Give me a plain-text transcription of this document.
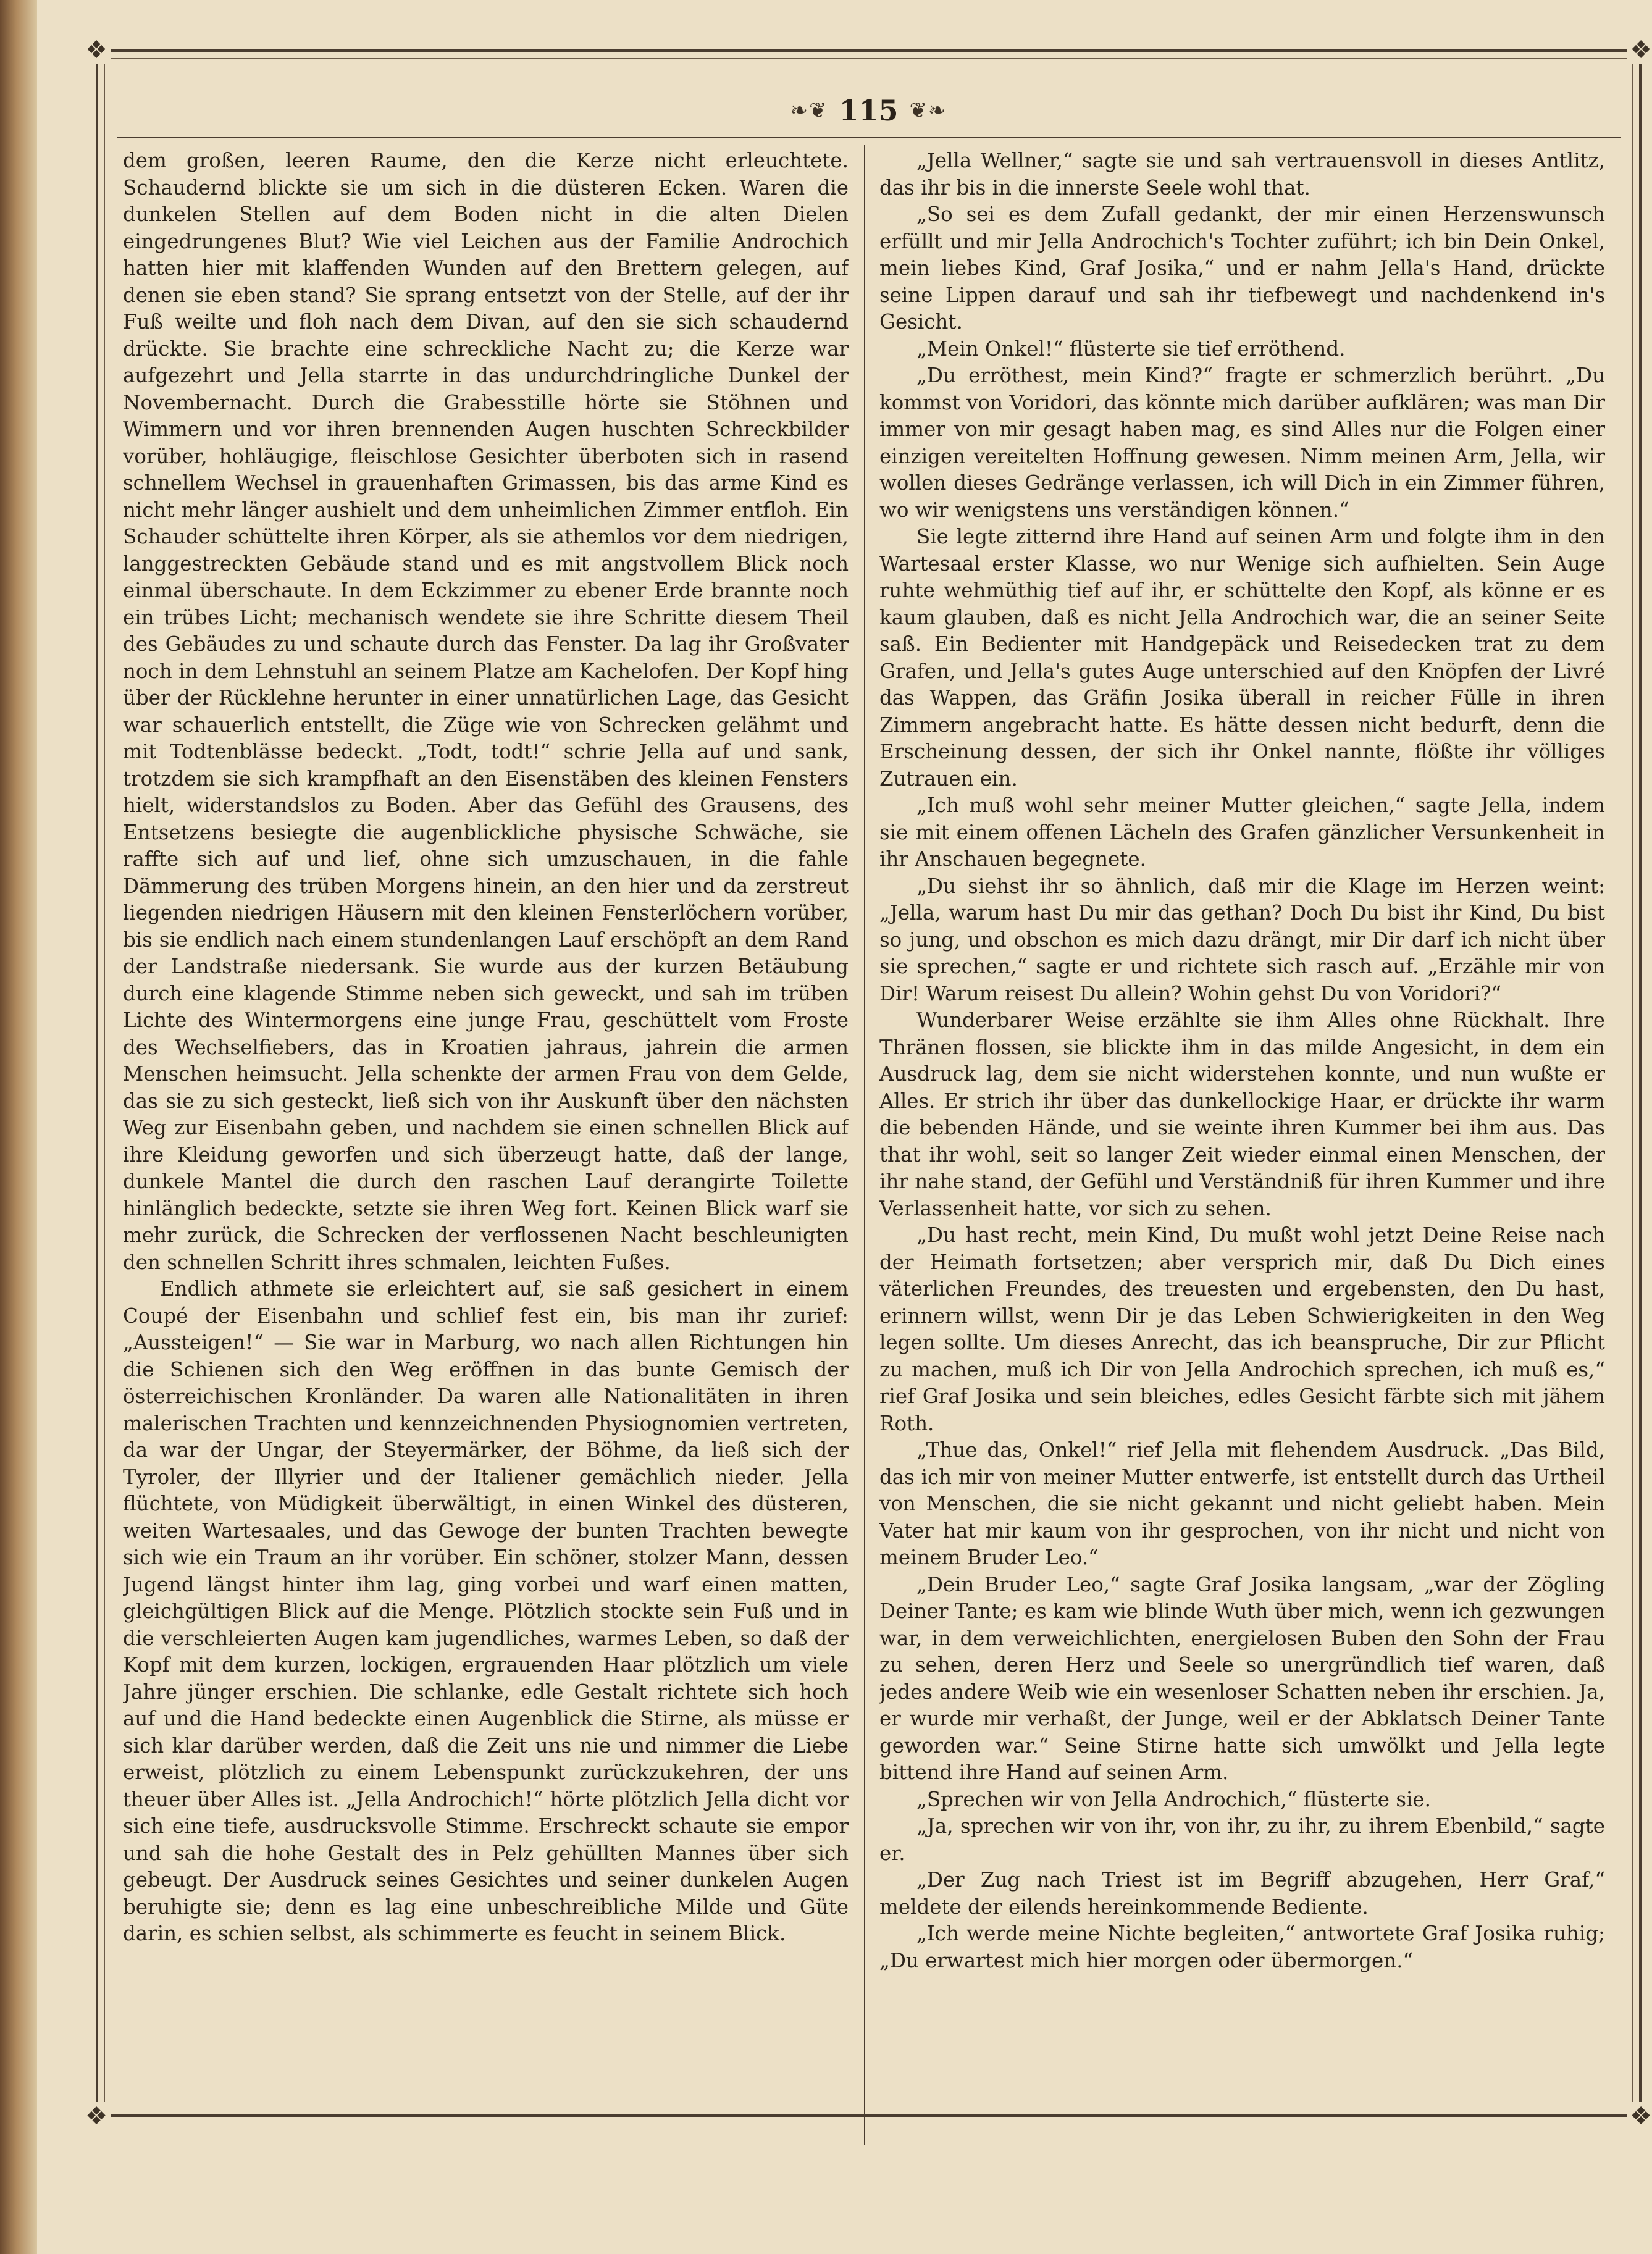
❖	❖
❖	❖
❧❦ 115 ❦❧

dem großen, leeren Raume, den die Kerze nicht erleuchtete. Schaudernd blickte sie um sich in die düsteren Ecken. Waren die dunkelen Stellen auf dem Boden nicht in die alten Dielen eingedrungenes Blut? Wie viel Leichen aus der Familie Androchich hatten hier mit klaffenden Wunden auf den Brettern gelegen, auf denen sie eben stand? Sie sprang entsetzt von der Stelle, auf der ihr Fuß weilte und floh nach dem Divan, auf den sie sich schaudernd drückte. Sie brachte eine schreckliche Nacht zu; die Kerze war aufgezehrt und Jella starrte in das undurchdringliche Dunkel der Novembernacht. Durch die Grabesstille hörte sie Stöhnen und Wimmern und vor ihren brennenden Augen huschten Schreckbilder vorüber, hohläugige, fleischlose Gesichter überboten sich in rasend schnellem Wechsel in grauenhaften Grimassen, bis das arme Kind es nicht mehr länger aushielt und dem unheimlichen Zimmer entfloh. Ein Schauder schüttelte ihren Körper, als sie athemlos vor dem niedrigen, langgestreckten Gebäude stand und es mit angstvollem Blick noch einmal überschaute. In dem Eckzimmer zu ebener Erde brannte noch ein trübes Licht; mechanisch wendete sie ihre Schritte diesem Theil des Gebäudes zu und schaute durch das Fenster. Da lag ihr Großvater noch in dem Lehnstuhl an seinem Platze am Kachelofen. Der Kopf hing über der Rücklehne herunter in einer unnatürlichen Lage, das Gesicht war schauerlich entstellt, die Züge wie von Schrecken gelähmt und mit Todtenblässe bedeckt. „Todt, todt!“ schrie Jella auf und sank, trotzdem sie sich krampfhaft an den Eisenstäben des kleinen Fensters hielt, widerstandslos zu Boden. Aber das Gefühl des Grausens, des Entsetzens besiegte die augenblickliche physische Schwäche, sie raffte sich auf und lief, ohne sich umzuschauen, in die fahle Dämmerung des trüben Morgens hinein, an den hier und da zerstreut liegenden niedrigen Häusern mit den kleinen Fensterlöchern vorüber, bis sie endlich nach einem stundenlangen Lauf erschöpft an dem Rand der Landstraße niedersank. Sie wurde aus der kurzen Betäubung durch eine klagende Stimme neben sich geweckt, und sah im trüben Lichte des Wintermorgens eine junge Frau, geschüttelt vom Froste des Wechselfiebers, das in Kroatien jahraus, jahrein die armen Menschen heimsucht. Jella schenkte der armen Frau von dem Gelde, das sie zu sich gesteckt, ließ sich von ihr Auskunft über den nächsten Weg zur Eisenbahn geben, und nachdem sie einen schnellen Blick auf ihre Kleidung geworfen und sich überzeugt hatte, daß der lange, dunkele Mantel die durch den raschen Lauf derangirte Toilette hinlänglich bedeckte, setzte sie ihren Weg fort. Keinen Blick warf sie mehr zurück, die Schrecken der verflossenen Nacht beschleunigten den schnellen Schritt ihres schmalen, leichten Fußes.

Endlich athmete sie erleichtert auf, sie saß gesichert in einem Coupé der Eisenbahn und schlief fest ein, bis man ihr zurief: „Aussteigen!“ — Sie war in Marburg, wo nach allen Richtungen hin die Schienen sich den Weg eröffnen in das bunte Gemisch der österreichischen Kronländer. Da waren alle Nationalitäten in ihren malerischen Trachten und kennzeichnenden Physiognomien vertreten, da war der Ungar, der Steyermärker, der Böhme, da ließ sich der Tyroler, der Illyrier und der Italiener gemächlich nieder. Jella flüchtete, von Müdigkeit überwältigt, in einen Winkel des düsteren, weiten Wartesaales, und das Gewoge der bunten Trachten bewegte sich wie ein Traum an ihr vorüber. Ein schöner, stolzer Mann, dessen Jugend längst hinter ihm lag, ging vorbei und warf einen matten, gleichgültigen Blick auf die Menge. Plötzlich stockte sein Fuß und in die verschleierten Augen kam jugendliches, warmes Leben, so daß der Kopf mit dem kurzen, lockigen, ergrauenden Haar plötzlich um viele Jahre jünger erschien. Die schlanke, edle Gestalt richtete sich hoch auf und die Hand bedeckte einen Augenblick die Stirne, als müsse er sich klar darüber werden, daß die Zeit uns nie und nimmer die Liebe erweist, plötzlich zu einem Lebenspunkt zurückzukehren, der uns theuer über Alles ist. „Jella Androchich!“ hörte plötzlich Jella dicht vor sich eine tiefe, ausdrucksvolle Stimme. Erschreckt schaute sie empor und sah die hohe Gestalt des in Pelz gehüllten Mannes über sich gebeugt. Der Ausdruck seines Gesichtes und seiner dunkelen Augen beruhigte sie; denn es lag eine unbeschreibliche Milde und Güte darin, es schien selbst, als schimmerte es feucht in seinem Blick.

„Jella Wellner,“ sagte sie und sah vertrauensvoll in dieses Antlitz, das ihr bis in die innerste Seele wohl that.

„So sei es dem Zufall gedankt, der mir einen Herzenswunsch erfüllt und mir Jella Androchich's Tochter zuführt; ich bin Dein Onkel, mein liebes Kind, Graf Josika,“ und er nahm Jella's Hand, drückte seine Lippen darauf und sah ihr tiefbewegt und nachdenkend in's Gesicht.

„Mein Onkel!“ flüsterte sie tief erröthend.

„Du erröthest, mein Kind?“ fragte er schmerzlich berührt. „Du kommst von Voridori, das könnte mich darüber aufklären; was man Dir immer von mir gesagt haben mag, es sind Alles nur die Folgen einer einzigen vereitelten Hoffnung gewesen. Nimm meinen Arm, Jella, wir wollen dieses Gedränge verlassen, ich will Dich in ein Zimmer führen, wo wir wenigstens uns verständigen können.“

Sie legte zitternd ihre Hand auf seinen Arm und folgte ihm in den Wartesaal erster Klasse, wo nur Wenige sich aufhielten. Sein Auge ruhte wehmüthig tief auf ihr, er schüttelte den Kopf, als könne er es kaum glauben, daß es nicht Jella Androchich war, die an seiner Seite saß. Ein Bedienter mit Handgepäck und Reisedecken trat zu dem Grafen, und Jella's gutes Auge unterschied auf den Knöpfen der Livré das Wappen, das Gräfin Josika überall in reicher Fülle in ihren Zimmern angebracht hatte. Es hätte dessen nicht bedurft, denn die Erscheinung dessen, der sich ihr Onkel nannte, flößte ihr völliges Zutrauen ein.

„Ich muß wohl sehr meiner Mutter gleichen,“ sagte Jella, indem sie mit einem offenen Lächeln des Grafen gänzlicher Versunkenheit in ihr Anschauen begegnete.

„Du siehst ihr so ähnlich, daß mir die Klage im Herzen weint: „Jella, warum hast Du mir das gethan? Doch Du bist ihr Kind, Du bist so jung, und obschon es mich dazu drängt, mir Dir darf ich nicht über sie sprechen,“ sagte er und richtete sich rasch auf. „Erzähle mir von Dir! Warum reisest Du allein? Wohin gehst Du von Voridori?“

Wunderbarer Weise erzählte sie ihm Alles ohne Rückhalt. Ihre Thränen flossen, sie blickte ihm in das milde Angesicht, in dem ein Ausdruck lag, dem sie nicht widerstehen konnte, und nun wußte er Alles. Er strich ihr über das dunkellockige Haar, er drückte ihr warm die bebenden Hände, und sie weinte ihren Kummer bei ihm aus. Das that ihr wohl, seit so langer Zeit wieder einmal einen Menschen, der ihr nahe stand, der Gefühl und Verständniß für ihren Kummer und ihre Verlassenheit hatte, vor sich zu sehen.

„Du hast recht, mein Kind, Du mußt wohl jetzt Deine Reise nach der Heimath fortsetzen; aber versprich mir, daß Du Dich eines väterlichen Freundes, des treuesten und ergebensten, den Du hast, erinnern willst, wenn Dir je das Leben Schwierigkeiten in den Weg legen sollte. Um dieses Anrecht, das ich beanspruche, Dir zur Pflicht zu machen, muß ich Dir von Jella Androchich sprechen, ich muß es,“ rief Graf Josika und sein bleiches, edles Gesicht färbte sich mit jähem Roth.

„Thue das, Onkel!“ rief Jella mit flehendem Ausdruck. „Das Bild, das ich mir von meiner Mutter entwerfe, ist entstellt durch das Urtheil von Menschen, die sie nicht gekannt und nicht geliebt haben. Mein Vater hat mir kaum von ihr gesprochen, von ihr nicht und nicht von meinem Bruder Leo.“

„Dein Bruder Leo,“ sagte Graf Josika langsam, „war der Zögling Deiner Tante; es kam wie blinde Wuth über mich, wenn ich gezwungen war, in dem verweichlichten, energielosen Buben den Sohn der Frau zu sehen, deren Herz und Seele so unergründlich tief waren, daß jedes andere Weib wie ein wesenloser Schatten neben ihr erschien. Ja, er wurde mir verhaßt, der Junge, weil er der Abklatsch Deiner Tante geworden war.“ Seine Stirne hatte sich umwölkt und Jella legte bittend ihre Hand auf seinen Arm.

„Sprechen wir von Jella Androchich,“ flüsterte sie.

„Ja, sprechen wir von ihr, von ihr, zu ihr, zu ihrem Ebenbild,“ sagte er.

„Der Zug nach Triest ist im Begriff abzugehen, Herr Graf,“ meldete der eilends hereinkommende Bediente.

„Ich werde meine Nichte begleiten,“ antwortete Graf Josika ruhig; „Du erwartest mich hier morgen oder übermorgen.“
